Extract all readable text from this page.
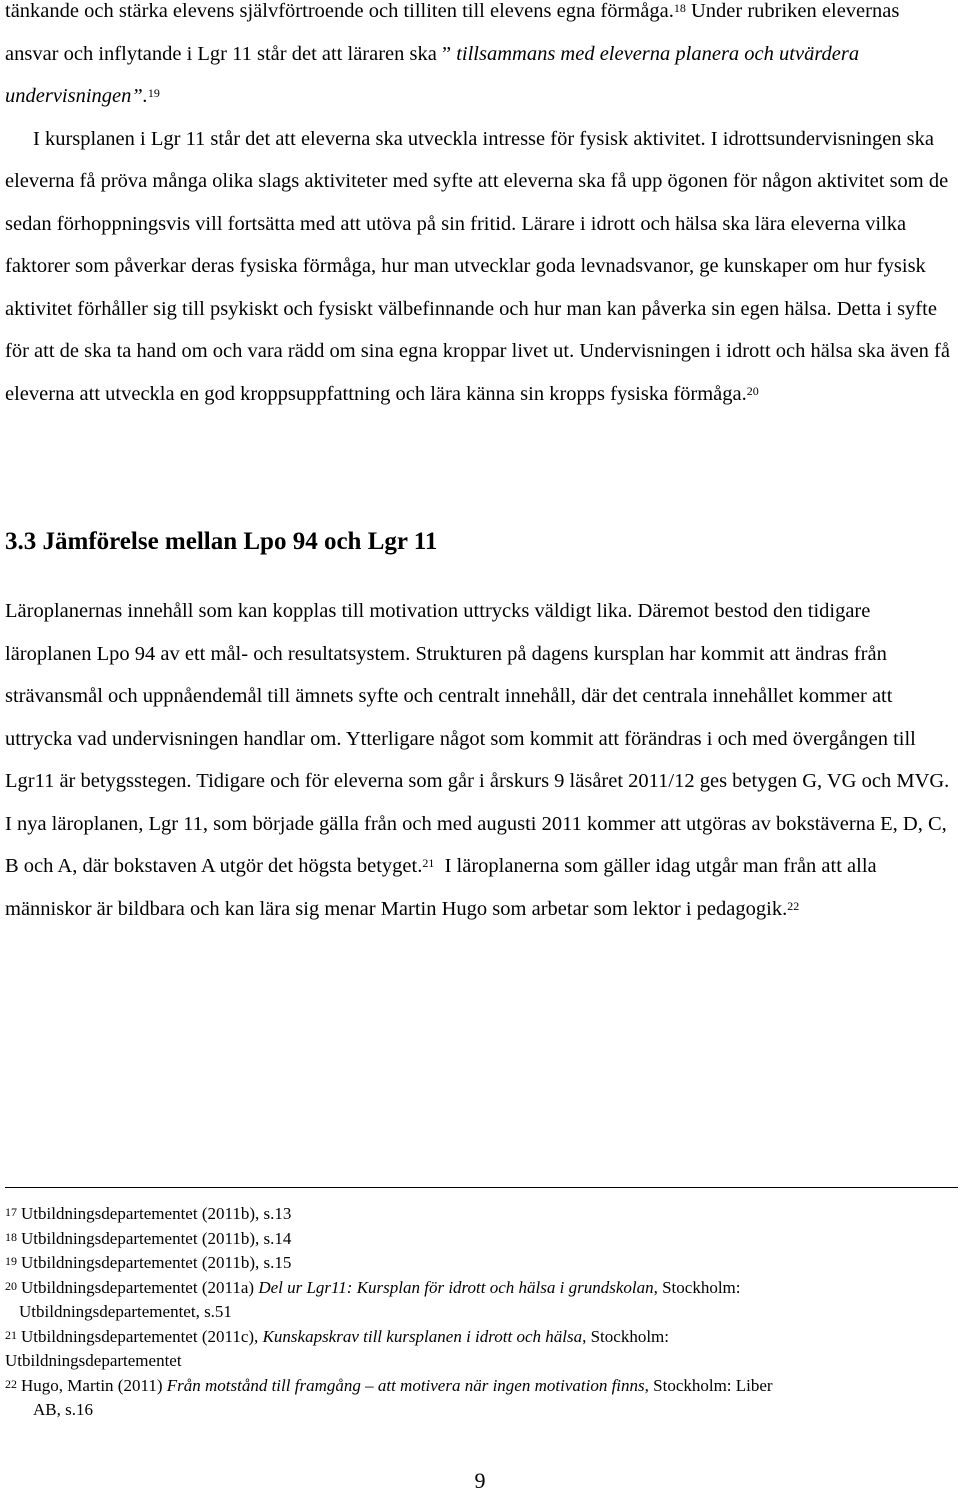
tänkande och stärka elevens självförtroende och tilliten till elevens egna förmåga.$^{18}$ Under rubriken elevernas ansvar och inflytande i Lgr 11 står det att läraren ska ” tillsammans med eleverna planera och utvärdera undervisningen”.$^{19}$
I kursplanen i Lgr 11 står det att eleverna ska utveckla intresse för fysisk aktivitet. I idrottsundervisningen ska eleverna få pröva många olika slags aktiviteter med syfte att eleverna ska få upp ögonen för någon aktivitet som de sedan förhoppningsvis vill fortsätta med att utöva på sin fritid. Lärare i idrott och hälsa ska lära eleverna vilka faktorer som påverkar deras fysiska förmåga, hur man utvecklar goda levnadsvanor, ge kunskaper om hur fysisk aktivitet förhåller sig till psykiskt och fysiskt välbefinnande och hur man kan påverka sin egen hälsa. Detta i syfte för att de ska ta hand om och vara rädd om sina egna kroppar livet ut. Undervisningen i idrott och hälsa ska även få eleverna att utveckla en god kroppsuppfattning och lära känna sin kropps fysiska förmåga.$^{20}$

3.3 Jämförelse mellan Lpo 94 och Lgr 11

Läroplanernas innehåll som kan kopplas till motivation uttrycks väldigt lika. Däremot bestod den tidigare läroplanen Lpo 94 av ett mål- och resultatsystem. Strukturen på dagens kursplan har kommit att ändras från strävansmål och uppnåendemål till ämnets syfte och centralt innehåll, där det centrala innehållet kommer att uttrycka vad undervisningen handlar om. Ytterligare något som kommit att förändras i och med övergången till Lgr11 är betygsstegen. Tidigare och för eleverna som går i årskurs 9 läsåret 2011/12 ges betygen G, VG och MVG. I nya läroplanen, Lgr 11, som började gälla från och med augusti 2011 kommer att utgöras av bokstäverna E, D, C, B och A, där bokstaven A utgör det högsta betyget.$^{21}$ I läroplanerna som gäller idag utgår man från att alla människor är bildbara och kan lära sig menar Martin Hugo som arbetar som lektor i pedagogik.$^{22}$

$^{17}$ Utbildningsdepartementet (2011b), s.13

$^{18}$ Utbildningsdepartementet (2011b), s.14

$^{19}$ Utbildningsdepartementet (2011b), s.15

$^{20}$ Utbildningsdepartementet (2011a) Del ur Lgr11: Kursplan för idrott och hälsa i grundskolan, Stockholm:
Utbildningsdepartementet, s.51

$^{21}$ Utbildningsdepartementet (2011c), Kunskapskrav till kursplanen i idrott och hälsa, Stockholm:
Utbildningsdepartementet

$^{22}$ Hugo, Martin (2011) Från motstånd till framgång – att motivera när ingen motivation finns, Stockholm: Liber
AB, s.16

9
